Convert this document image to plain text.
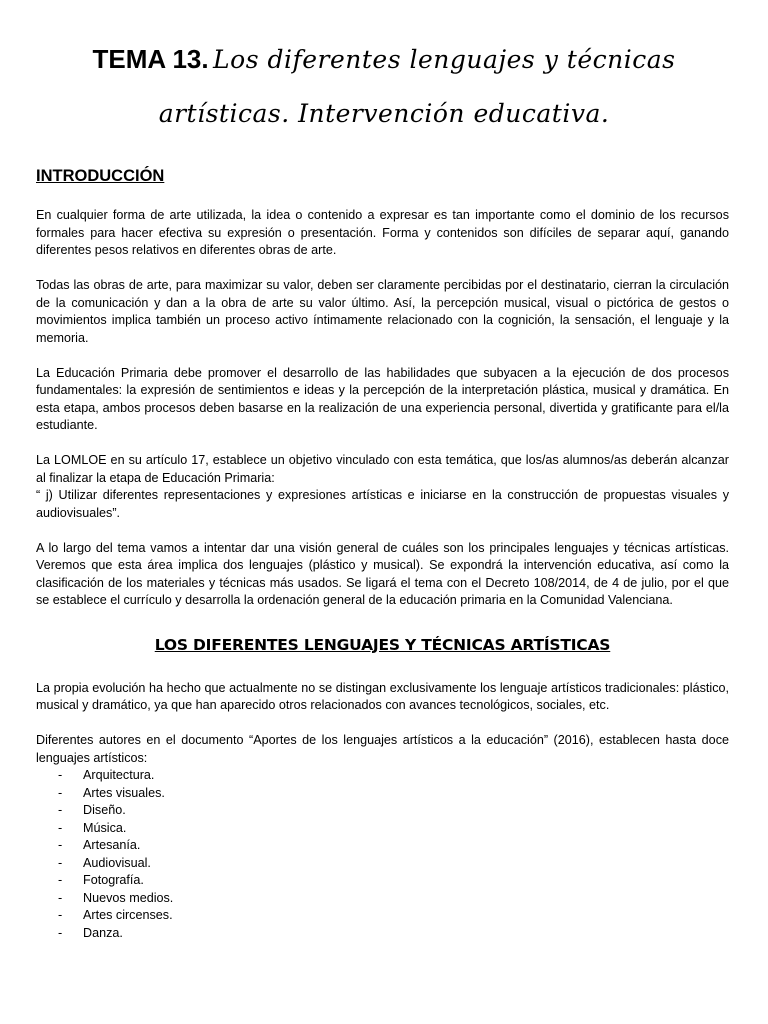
TEMA 13. Los diferentes lenguajes y técnicas
artísticas. Intervención educativa.
INTRODUCCIÓN

En cualquier forma de arte utilizada, la idea o contenido a expresar es tan importante como el dominio de los recursos formales para hacer efectiva su expresión o presentación. Forma y contenidos son difíciles de separar aquí, ganando diferentes pesos relativos en diferentes obras de arte.

Todas las obras de arte, para maximizar su valor, deben ser claramente percibidas por el destinatario, cierran la circulación de la comunicación y dan a la obra de arte su valor último. Así, la percepción musical, visual o pictórica de gestos o movimientos implica también un proceso activo íntimamente relacionado con la cognición, la sensación, el lenguaje y la memoria.

La Educación Primaria debe promover el desarrollo de las habilidades que subyacen a la ejecución de dos procesos fundamentales: la expresión de sentimientos e ideas y la percepción de la interpretación plástica, musical y dramática. En esta etapa, ambos procesos deben basarse en la realización de una experiencia personal, divertida y gratificante para el/la estudiante.

La LOMLOE en su artículo 17, establece un objetivo vinculado con esta temática, que los/as alumnos/as deberán alcanzar al finalizar la etapa de Educación Primaria:

“ j) Utilizar diferentes representaciones y expresiones artísticas e iniciarse en la construcción de propuestas visuales y audiovisuales”.

A lo largo del tema vamos a intentar dar una visión general de cuáles son los principales lenguajes y técnicas artísticas. Veremos que esta área implica dos lenguajes (plástico y musical). Se expondrá la intervención educativa, así como la clasificación de los materiales y técnicas más usados. Se ligará el tema con el Decreto 108/2014, de 4 de julio, por el que se establece el currículo y desarrolla la ordenación general de la educación primaria en la Comunidad Valenciana.

LOS DIFERENTES LENGUAJES Y TÉCNICAS ARTÍSTICAS

La propia evolución ha hecho que actualmente no se distingan exclusivamente los lenguaje artísticos tradicionales: plástico, musical y dramático, ya que han aparecido otros relacionados con avances tecnológicos, sociales, etc.

Diferentes autores en el documento “Aportes de los lenguajes artísticos a la educación” (2016), establecen hasta doce lenguajes artísticos:

- Arquitectura.
- Artes visuales.
- Diseño.
- Música.
- Artesanía.
- Audiovisual.
- Fotografía.
- Nuevos medios.
- Artes circenses.
- Danza.
